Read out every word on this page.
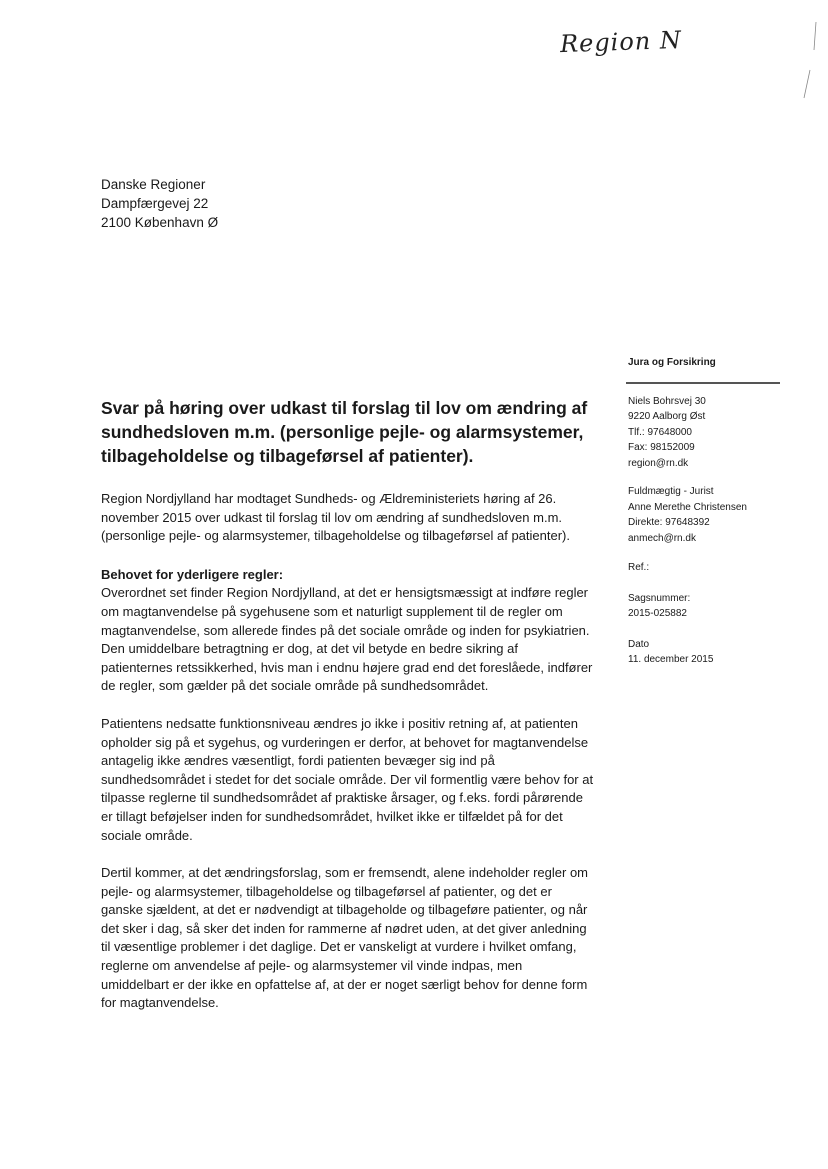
Region N
Danske Regioner
Dampfærgevej 22
2100 København Ø
Jura og Forsikring
Niels Bohrsvej 30
9220 Aalborg Øst
Tlf.: 97648000
Fax: 98152009
region@rn.dk
Fuldmægtig - Jurist
Anne Merethe Christensen
Direkte: 97648392
anmech@rn.dk
Ref.:
Sagsnummer:
2015-025882
Dato
11. december 2015
Svar på høring over udkast til forslag til lov om ændring af
sundhedsloven m.m. (personlige pejle- og alarmsystemer,
tilbageholdelse og tilbageførsel af patienter).

Region Nordjylland har modtaget Sundheds- og Ældreministeriets høring af 26.
november 2015 over udkast til forslag til lov om ændring af sundhedsloven m.m.
(personlige pejle- og alarmsystemer, tilbageholdelse og tilbageførsel af patienter).

Behovet for yderligere regler:
Overordnet set finder Region Nordjylland, at det er hensigtsmæssigt at indføre regler
om magtanvendelse på sygehusene som et naturligt supplement til de regler om
magtanvendelse, som allerede findes på det sociale område og inden for psykiatrien.
Den umiddelbare betragtning er dog, at det vil betyde en bedre sikring af
patienternes retssikkerhed, hvis man i endnu højere grad end det foreslåede, indfører
de regler, som gælder på det sociale område på sundhedsområdet.

Patientens nedsatte funktionsniveau ændres jo ikke i positiv retning af, at patienten
opholder sig på et sygehus, og vurderingen er derfor, at behovet for magtanvendelse
antagelig ikke ændres væsentligt, fordi patienten bevæger sig ind på
sundhedsområdet i stedet for det sociale område. Der vil formentlig være behov for at
tilpasse reglerne til sundhedsområdet af praktiske årsager, og f.eks. fordi pårørende
er tillagt beføjelser inden for sundhedsområdet, hvilket ikke er tilfældet på for det
sociale område.

Dertil kommer, at det ændringsforslag, som er fremsendt, alene indeholder regler om
pejle- og alarmsystemer, tilbageholdelse og tilbageførsel af patienter, og det er
ganske sjældent, at det er nødvendigt at tilbageholde og tilbageføre patienter, og når
det sker i dag, så sker det inden for rammerne af nødret uden, at det giver anledning
til væsentlige problemer i det daglige. Det er vanskeligt at vurdere i hvilket omfang,
reglerne om anvendelse af pejle- og alarmsystemer vil vinde indpas, men
umiddelbart er der ikke en opfattelse af, at der er noget særligt behov for denne form
for magtanvendelse.
